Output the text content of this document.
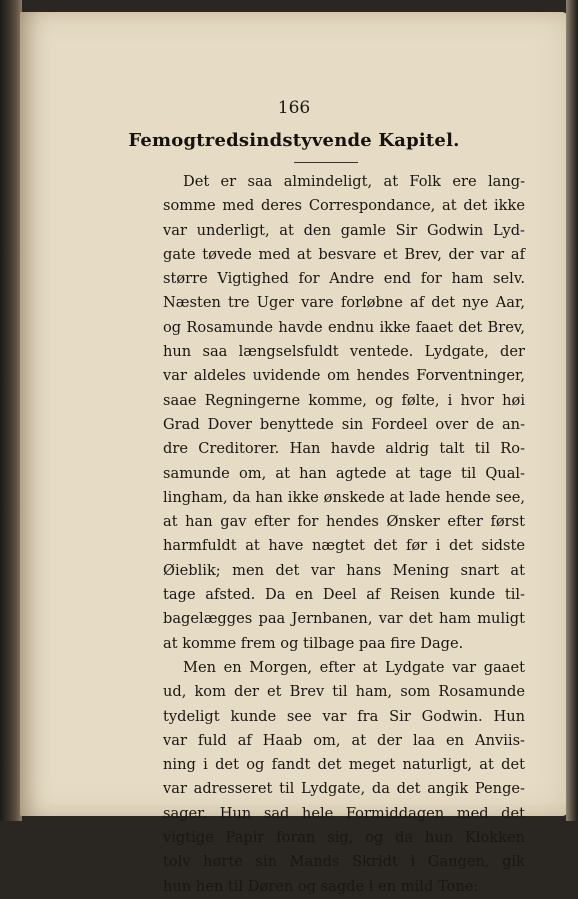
166
Femogtredsindstyvende Kapitel.
Det er saa almindeligt, at Folk ere lang-
somme med deres Correspondance, at det ikke
var underligt, at den gamle Sir Godwin Lyd-
gate tøvede med at besvare et Brev, der var af
større Vigtighed for Andre end for ham selv.
Næsten tre Uger vare forløbne af det nye Aar,
og Rosamunde havde endnu ikke faaet det Brev,
hun saa længselsfuldt ventede. Lydgate, der
var aldeles uvidende om hendes Forventninger,
saae Regningerne komme, og følte, i hvor høi
Grad Dover benyttede sin Fordeel over de an-
dre Creditorer. Han havde aldrig talt til Ro-
samunde om, at han agtede at tage til Qual-
lingham, da han ikke ønskede at lade hende see,
at han gav efter for hendes Ønsker efter først
harmfuldt at have nægtet det før i det sidste
Øieblik; men det var hans Mening snart at
tage afsted. Da en Deel af Reisen kunde til-
bagelægges paa Jernbanen, var det ham muligt
at komme frem og tilbage paa fire Dage.
Men en Morgen, efter at Lydgate var gaaet
ud, kom der et Brev til ham, som Rosamunde
tydeligt kunde see var fra Sir Godwin. Hun
var fuld af Haab om, at der laa en Anviis-
ning i det og fandt det meget naturligt, at det
var adresseret til Lydgate, da det angik Penge-
sager. Hun sad hele Formiddagen med det
vigtige Papir foran sig, og da hun Klokken
tolv hørte sin Mands Skridt i Gangen, gik
hun hen til Døren og sagde i en mild Tone:
